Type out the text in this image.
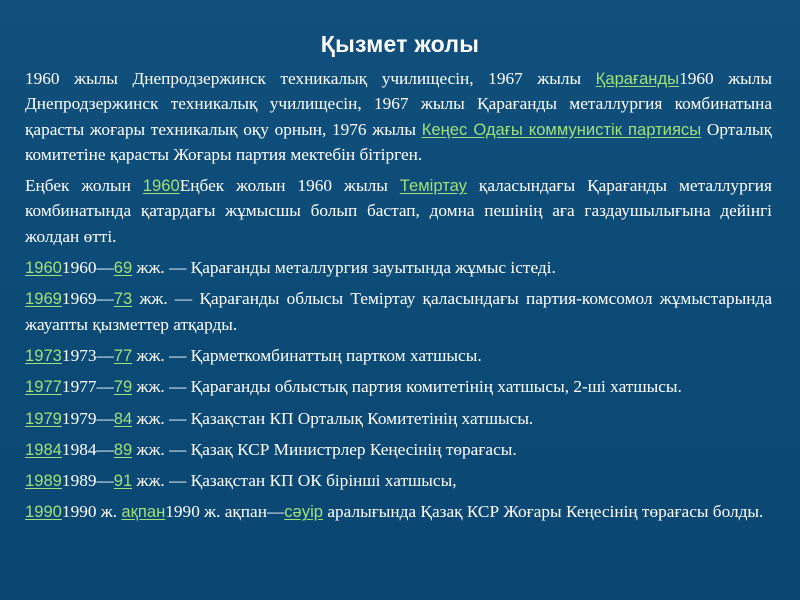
Қызмет жолы

1960 жылы Днепродзержинск техникалық училищесін, 1967 жылы Қарағанды1960 жылы Днепродзержинск техникалық училищесін, 1967 жылы Қарағанды металлургия комбинатына қарасты жоғары техникалық оқу орнын, 1976 жылы Кеңес Одағы коммунистік партиясы Орталық комитетіне қарасты Жоғары партия мектебін бітірген.

Еңбек жолын 1960Еңбек жолын 1960 жылы Теміртау қаласындағы Қарағанды металлургия комбинатында қатардағы жұмысшы болып бастап, домна пешінің аға газдаушылығына дейінгі жолдан өтті.

19601960—69 жж. — Қарағанды металлургия зауытында жұмыс істеді.

19691969—73 жж. — Қарағанды облысы Теміртау қаласындағы партия-комсомол жұмыстарында жауапты қызметтер атқарды.

19731973—77 жж. — Қарметкомбинаттың партком хатшысы.

19771977—79 жж. — Қарағанды облыстық партия комитетінің хатшысы, 2-ші хатшысы.

19791979—84 жж. — Қазақстан КП Орталық Комитетінің хатшысы.

19841984—89 жж. — Қазақ КСР Министрлер Кеңесінің төрағасы.

19891989—91 жж. — Қазақстан КП ОК бірінші хатшысы,

19901990 ж. ақпан1990 ж. ақпан—сәуір аралығында Қазақ КСР Жоғары Кеңесінің төрағасы болды.
